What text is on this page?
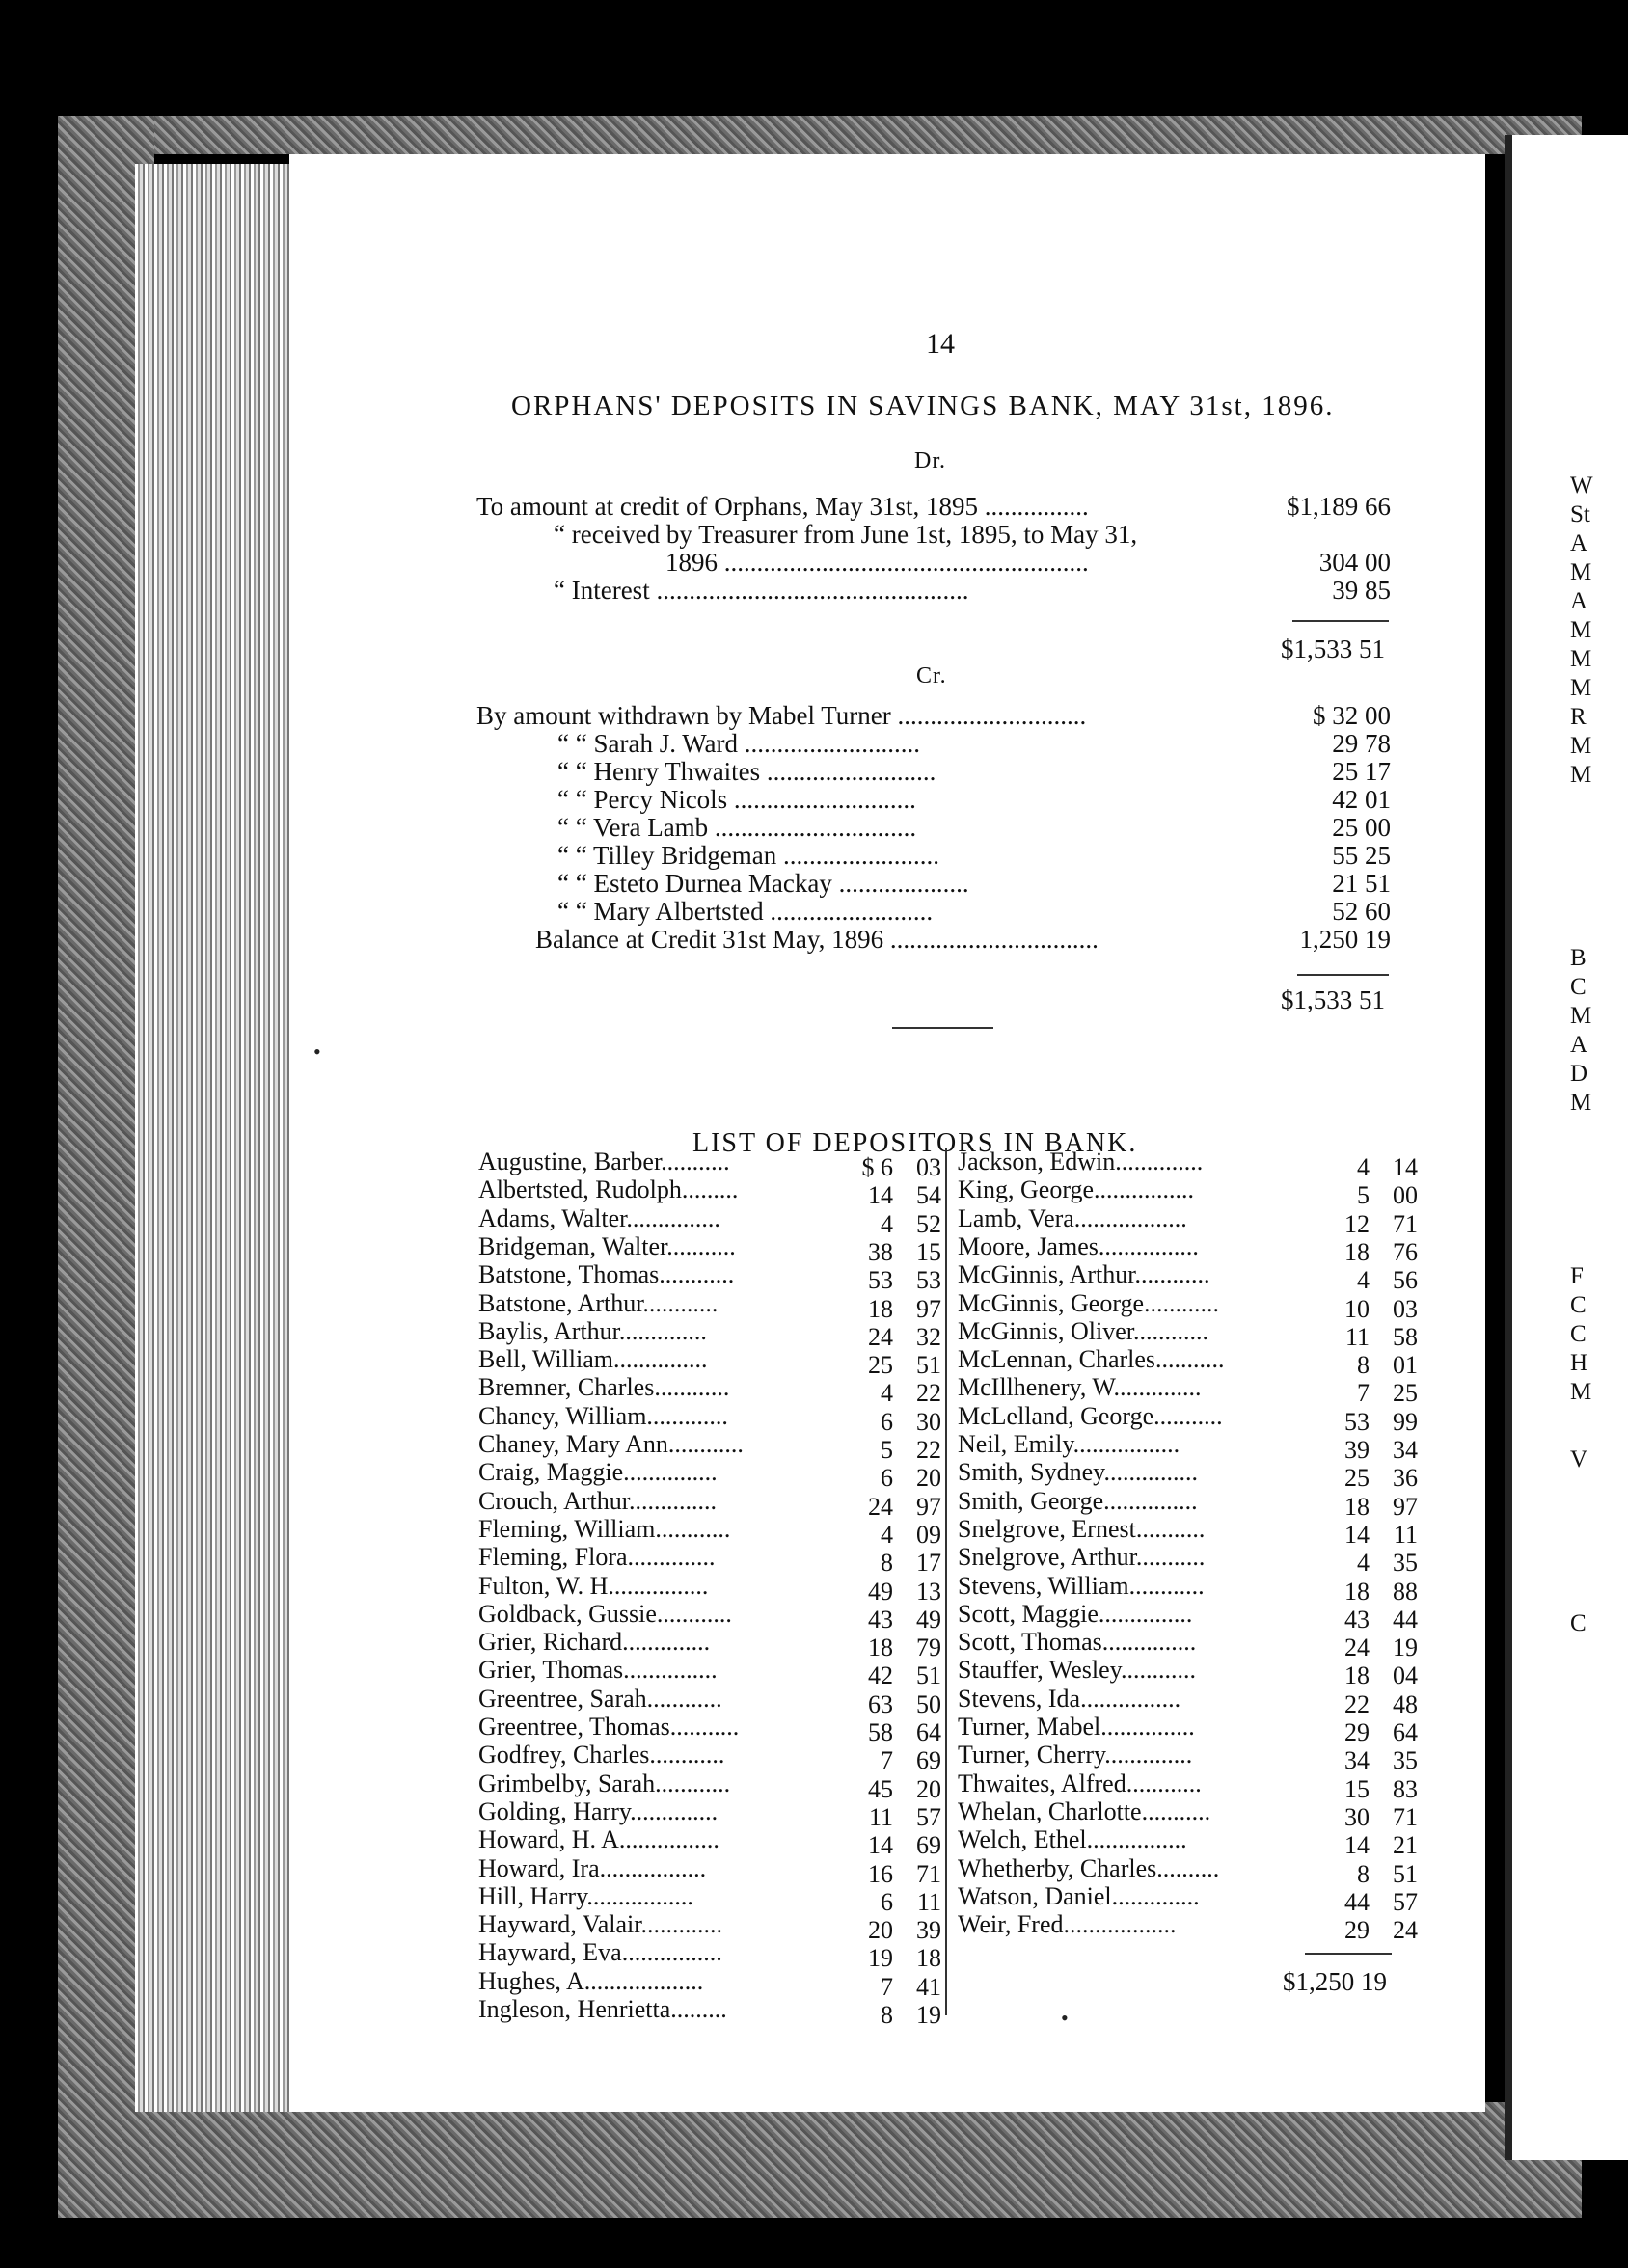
W
St
A
M
A
M
M
M
R
M
M
B
C
M
A
D
M
F
C
C
H
M
V
C
14
ORPHANS' DEPOSITS IN SAVINGS BANK, MAY 31st, 1896.
Dr.
To amount at credit of Orphans, May 31st, 1895 ................	$1,189 66
“ received by Treasurer from June 1st, 1895, to May 31,
1896 ........................................................	304 00
“ Interest ................................................	39 85
$1,533 51
Cr.
By amount withdrawn by Mabel Turner .............................	$ 32 00
“ “ Sarah J. Ward ...........................	29 78
“ “ Henry Thwaites ..........................	25 17
“ “ Percy Nicols ............................	42 01
“ “ Vera Lamb ...............................	25 00
“ “ Tilley Bridgeman ........................	55 25
“ “ Esteto Durnea Mackay ....................	21 51
“ “ Mary Albertsted .........................	52 60
Balance at Credit 31st May, 1896 ................................	1,250 19
$1,533 51
LIST OF DEPOSITORS IN BANK.
Augustine, Barber...........	$ 6 03
Albertsted, Rudolph.........	14 54
Adams, Walter...............	4 52
Bridgeman, Walter...........	38 15
Batstone, Thomas............	53 53
Batstone, Arthur............	18 97
Baylis, Arthur..............	24 32
Bell, William...............	25 51
Bremner, Charles............	4 22
Chaney, William.............	6 30
Chaney, Mary Ann............	5 22
Craig, Maggie...............	6 20
Crouch, Arthur..............	24 97
Fleming, William............	4 09
Fleming, Flora..............	8 17
Fulton, W. H................	49 13
Goldback, Gussie............	43 49
Grier, Richard..............	18 79
Grier, Thomas...............	42 51
Greentree, Sarah............	63 50
Greentree, Thomas...........	58 64
Godfrey, Charles............	7 69
Grimbelby, Sarah............	45 20
Golding, Harry..............	11 57
Howard, H. A................	14 69
Howard, Ira.................	16 71
Hill, Harry.................	6 11
Hayward, Valair.............	20 39
Hayward, Eva................	19 18
Hughes, A...................	7 41
Ingleson, Henrietta.........	8 19
Jackson, Edwin..............	4 14
King, George................	5 00
Lamb, Vera..................	12 71
Moore, James................	18 76
McGinnis, Arthur............	4 56
McGinnis, George............	10 03
McGinnis, Oliver............	11 58
McLennan, Charles...........	8 01
McIllhenery, W..............	7 25
McLelland, George...........	53 99
Neil, Emily.................	39 34
Smith, Sydney...............	25 36
Smith, George...............	18 97
Snelgrove, Ernest...........	14 11
Snelgrove, Arthur...........	4 35
Stevens, William............	18 88
Scott, Maggie...............	43 44
Scott, Thomas...............	24 19
Stauffer, Wesley............	18 04
Stevens, Ida................	22 48
Turner, Mabel...............	29 64
Turner, Cherry..............	34 35
Thwaites, Alfred............	15 83
Whelan, Charlotte...........	30 71
Welch, Ethel................	14 21
Whetherby, Charles..........	8 51
Watson, Daniel..............	44 57
Weir, Fred..................	29 24
$1,250 19
•
•
